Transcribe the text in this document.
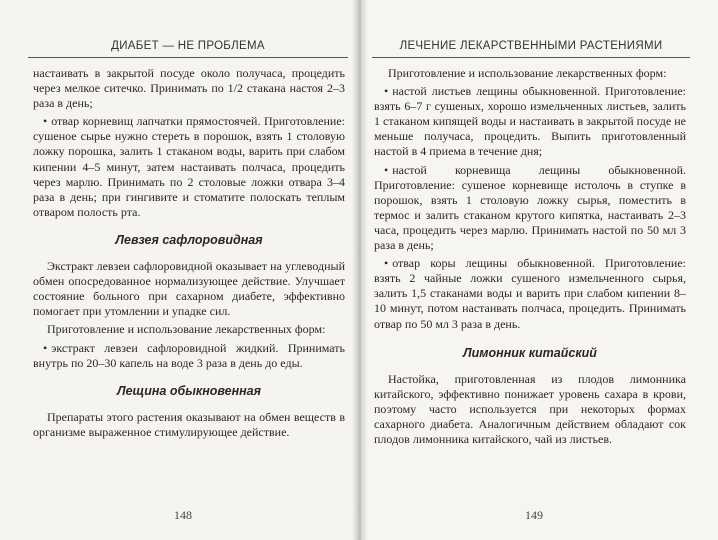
ДИАБЕТ — НЕ ПРОБЛЕМА	ЛЕЧЕНИЕ ЛЕКАРСТВЕННЫМИ РАСТЕНИЯМИ

настаивать в закрытой посуде около получаса, процедить через мелкое ситечко. Принимать по 1/2 стакана настоя 2–3 раза в день;

• отвар корневищ лапчатки прямостоячей. Приготовление: сушеное сырье нужно стереть в порошок, взять 1 столовую ложку порошка, залить 1 стаканом воды, варить при слабом кипении 4–5 минут, затем настаивать полчаса, процедить через марлю. Принимать по 2 столовые ложки отвара 3–4 раза в день; при гингивите и стоматите полоскать теплым отваром полость рта.

Левзея сафлоровидная

Экстракт левзеи сафлоровидной оказывает на углеводный обмен опосредованное нормализующее действие. Улучшает состояние больного при сахарном диабете, эффективно помогает при утомлении и упадке сил.

Приготовление и использование лекарственных форм:

• экстракт левзеи сафлоровидной жидкий. Принимать внутрь по 20–30 капель на воде 3 раза в день до еды.

Лещина обыкновенная

Препараты этого растения оказывают на обмен веществ в организме выраженное стимулирующее действие.

148

Приготовление и использование лекарственных форм:

• настой листьев лещины обыкновенной. Приготовление: взять 6–7 г сушеных, хорошо измельченных листьев, залить 1 стаканом кипящей воды и настаивать в закрытой посуде не меньше получаса, процедить. Выпить приготовленный настой в 4 приема в течение дня;

• настой корневища лещины обыкновенной. Приготовление: сушеное корневище истолочь в ступке в порошок, взять 1 столовую ложку сырья, поместить в термос и залить стаканом крутого кипятка, настаивать 2–3 часа, процедить через марлю. Принимать настой по 50 мл 3 раза в день;

• отвар коры лещины обыкновенной. Приготовление: взять 2 чайные ложки сушеного измельченного сырья, залить 1,5 стаканами воды и варить при слабом кипении 8–10 минут, потом настаивать полчаса, процедить. Принимать отвар по 50 мл 3 раза в день.

Лимонник китайский

Настойка, приготовленная из плодов лимонника китайского, эффективно понижает уровень сахара в крови, поэтому часто используется при некоторых формах сахарного диабета. Аналогичным действием обладают сок плодов лимонника китайского, чай из листьев.

149
